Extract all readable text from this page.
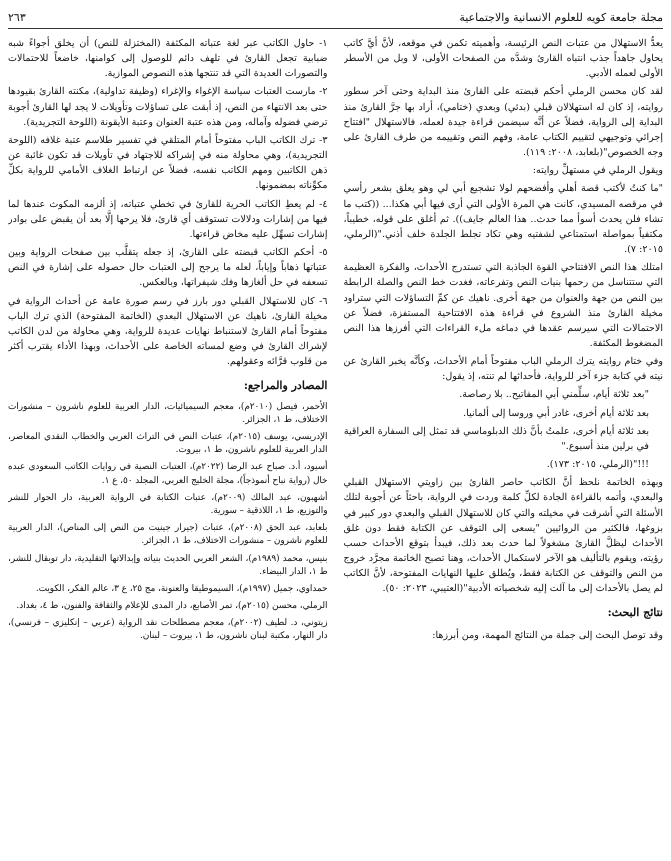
مجلة جامعة كويه للعلوم الانسانية والاجتماعية
٢٦٣

يعدُّ الاستهلال من عتبات النص الرئيسة، وأهميته تكمن في موقعه، لأنَّ أيَّ كاتب يحاول جاهداً جذب انتباه القارئ وشدَّه من الصفحات الأولى، لا وبل من الأسطر الأولى لعمله الأدبي.

لقد كان محسن الرملي أحكم قبضته على القارئ منذ البداية وحتى آخر سطور روايته، إذ كان له استهلالان قبلي (بدئي) وبعدي (ختامي)، أراد بها جرَّ القارئ منذ البداية إلى الرواية، فضلاً عن أنَّه سيضمن قراءة جيدة لعمله، فالاستهلال "افتتاح إجرائي وتوجيهي لتقييم الكتاب عامة، وفهم النص وتقييمه من طرف القارئ على وجه الخصوص"(بلعابد، ٢٠٠٨: ١١٩).

ويقول الرملي في مستهلِّ روايته:

"ما كنتُ لأكتب قصة أهلي وأفضحهم لولا تشجيع أبي لي وهو يعلق بشعر رأسي في مرقصه المسيدي، كانت هي المرة الأولى التي أرى فيها أبي هكذا... ((كتب ما تشاء فلن يحدث أسوأ مما حدث.. هذا العالم جايف)). ثم أغلق على قوله، خطيباً، مكتفياً بمواصلة استمتاعي لشفتيه وهي تكاد تجلط الجلدة خلف أذني."(الرملي، ٢٠١٥: ٧).

امتلك هذا النص الافتتاحي القوة الجاذبة التي تستدرج الأحداث، والفكرة العظيمة التي ستتناسل من رحمها بنيات النص وتفرعاته، فغدت خط النص والصلة الرابطة بين النص من جهة والعنوان من جهة أخرى. ناهيك عن كمِّ التساؤلات التي ستراود مخيلة القارئ منذ الشروع في قراءة هذه الافتتاحية المستفزة، فضلاً عن الاحتمالات التي سيرسم عقدها في دماغه ملء القراءات التي أفرزها هذا النص المضغوط المكثفة.

وفي ختام روايته يترك الرملي الباب مفتوحاً أمام الأحداث، وكأنَّه يخبر القارئ عن نيته في كتابة جزء آخر للرواية، فأحداثها لم تنته، إذ يقول:

"بعد ثلاثة أيام، سلِّمني أبي المفاتيح.. بلا رصاصة.

بعد ثلاثة أيام أخرى، غادر أبي وروسا إلى ألمانيا.

بعد ثلاثة أيام أخرى، علمتُ بأنَّ ذلك الدبلوماسي قد تمثل إلى السفارة العراقية في برلين منذ أسبوع."

!!!"(الرملي، ٢٠١٥: ١٧٣).

وبهذه الخاتمة نلحظ أنَّ الكاتب حاصر القارئ بين زاويتي الاستهلال القبلي والبعدي، وأتمه بالقراءة الجادة لكلِّ كلمة وردت في الرواية، باحثاً عن أجوبة لتلك الأسئلة التي أشرقت في مخيلته والتي كان للاستهلال القبلي والبعدي دور كبير في بزوغها، فالكثير من الروائيين "يسعى إلى التوقف عن الكتابة فقط دون غلق الأحداث ليظلَّ القارئ مشغولاً لما حدث بعد ذلك، فيبدأ بتوقع الأحداث حسب رؤيته، ويقوم بالتأليف هو الآخر لاستكمال الأحداث، وهنا تصبح الخاتمة مجرَّد خروج من النص والتوقف عن الكتابة فقط، ويُطلق عليها النهايات المفتوحة، لأنَّ الكاتب لم يصل بالأحداث إلى ما آلت إليه شخصياته الأدبية"(العتيبي، ٢٠٢٣: ٥٠).

نتائج البحث:

وقد توصل البحث إلى جملة من النتائج المهمة، ومن أبرزها:

١- حاول الكاتب عبر لغة عتباته المكثفة (المختزلة للنص) أن يخلق أجواءً شبه ضبابية تجعل القارئ في تلهف دائم للوصول إلى كوامنها، خاضعاً للاحتمالات والتصورات العديدة التي قد تنتجها هذه النصوص الموازية.

٢- مارست العتبات سياسة الإغواء والإغراء (وظيفة تداولية)، مكنته القارئ بقيودها حتى بعد الانتهاء من النص، إذ أبقت على تساؤلات وتأويلات لا يجد لها القارئ أجوبة ترضي فضوله وآماله، ومن هذه عتبة العنوان وعتبة الأيقونة (اللوحة التجريدية).

٣- ترك الكاتب الباب مفتوحاً أمام المتلقي في تفسير طلاسم عتبة غلافه (اللوحة التجريدية)، وهي محاولة منه في إشراكه للاجتهاد في تأويلات قد تكون غائبة عن ذهن الكاتبين ومهم الكاتب نفسه، فضلاً عن ارتباط الغلاف الأمامي للرواية بكلِّ مكوِّناته بمضمونها.

٤- لم يعطِ الكاتب الحرية للقارئ في تخطي عتباته، إذ ألزمه المكوث عندها لما فيها من إشارات ودلالات تستوقف أي قارئ، فلا يرحها إلَّا بعد أن يقبض على بوادر إشارات تسهِّل عليه مخاض قراءتها.

٥- أحكم الكاتب قبضته على القارئ، إذ جعله يتقلَّب بين صفحات الرواية وبين عتباتها ذهاباً وإياباً، لعله ما يرجح إلى العتبات حال حصوله على إشارة في النص تسعفه في حل ألغازها وفك شيفراتها، وبالعكس.

٦- كان للاستهلال القبلي دور بارز في رسم صورة عامة عن أحداث الرواية في مخيلة القارئ، ناهيك عن الاستهلال البعدي (الخاتمة المفتوحة) الذي ترك الباب مفتوحاً أمام القارئ لاستنباط نهايات عديدة للرواية، وهي محاولة من لدن الكاتب لإشراك القارئ في وضع لمساته الخاصة على الأحداث، وبهذا الأداء يقترب أكثر من قلوب قرَّائه وعقولهم.

المصادر والمراجع:

الأحمر، فيصل (٢٠١٠م)، معجم السيميائيات، الدار العربية للعلوم ناشرون – منشورات الاختلاف، ط ١، الجزائر.

الإدريسي، يوسف (٢٠١٥م)، عتبات النص في التراث العربي والخطاب النقدي المعاصر، الدار العربية للعلوم ناشرون، ط ١، بيروت.

أسيود، أ.د. صباح عبد الرضا (٢٠٢٢م)، العتبات النصية في روايات الكاتب السعودي عبده خال (رواية نباح أنموذجاً)، مجلة الخليج العربي، المجلد ٥٠، ع ١.

أشهبون، عبد المالك (٢٠٠٩م)، عتبات الكتابة في الرواية العربية، دار الحوار للنشر والتوزيع، ط ١، اللاذقية – سورية.

بلعابد، عبد الحق (٢٠٠٨م)، عتبات (جيرار جينيت من النص إلى المناص)، الدار العربية للعلوم ناشرون – منشورات الاختلاف، ط ١، الجزائر.

بنيس، محمد (١٩٨٩م)، الشعر العربي الحديث بنياته وإبدالاتها التقليدية، دار توبقال للنشر، ط ١، الدار البيضاء.

حمداوي، جميل (١٩٩٧م)، السيموطيقا والعنونة، مج ٢٥، ع ٣، عالم الفكر، الكويت.

الرملي، محسن (٢٠١٥م)، تمر الأصابع، دار المدى للإعلام والثقافة والفنون، ط ٤، بغداد.

زيتوني، د. لطيف (٢٠٠٢م)، معجم مصطلحات نقد الرواية (عربي – إنكليزي – فرنسي)، دار النهار، مكتبة لبنان ناشرون، ط ١، بيروت – لبنان.
